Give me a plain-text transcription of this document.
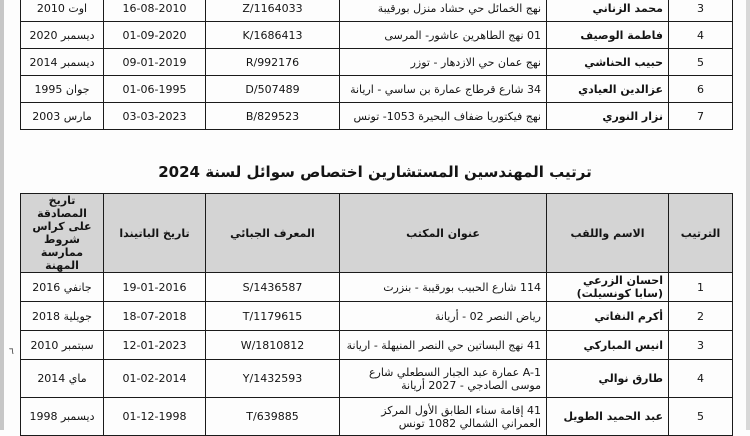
3	محمد الزناني	نهج الخمائل حي حشاد منزل بورقيبة	1164033/Z	16-08-2010	اوت 2010
4	فاطمة الوصيف	01 نهج الطاهرين عاشور- المرسى	1686413/K	01-09-2020	ديسمبر 2020
5	حبيب الحناشي	نهج عمان حي الازدهار - توزر	992176/R	09-01-2019	ديسمبر 2014
6	عزالدين العيادي	34 شارع قرطاج عمارة بن ساسي - اريانة	507489/D	01-06-1995	جوان 1995
7	نزار النوري	نهج فيكتوريا ضفاف البحيرة 1053- تونس	829523/B	03-03-2023	مارس 2003
ترتيب المهندسين المستشارين اختصاص سوائل لسنة 2024
الترتيب	الاسم واللقب	عنوان المكتب	المعرف الجبائي	تاريخ الباتيندا	تاريخ المصادقة على كراس شروط ممارسة المهنة
1	احسان الزرعي (سابا كونسيلت)	114 شارع الحبيب بورقيبة - بنزرت	1436587/S	19-01-2016	جانفي 2016
2	أكرم النفاتي	رياض النصر 02 - أريانة	1179615/T	18-07-2018	جويلية 2018
3	انيس المباركي	41 نهج البساتين حي النصر المنيهلة - اريانة	1810812/W	12-01-2023	سبتمبر 2010
4	طارق نوالي	A-1 عمارة عبد الجبار السطعلي شارع موسى الصادجي - 2027 أريانة	1432593/Y	01-02-2014	ماي 2014
5	عبد الحميد الطويل	41 إقامة سناء الطابق الأول المركز العمراني الشمالي 1082 تونس	639885/T	01-12-1998	ديسمبر 1998
٦
